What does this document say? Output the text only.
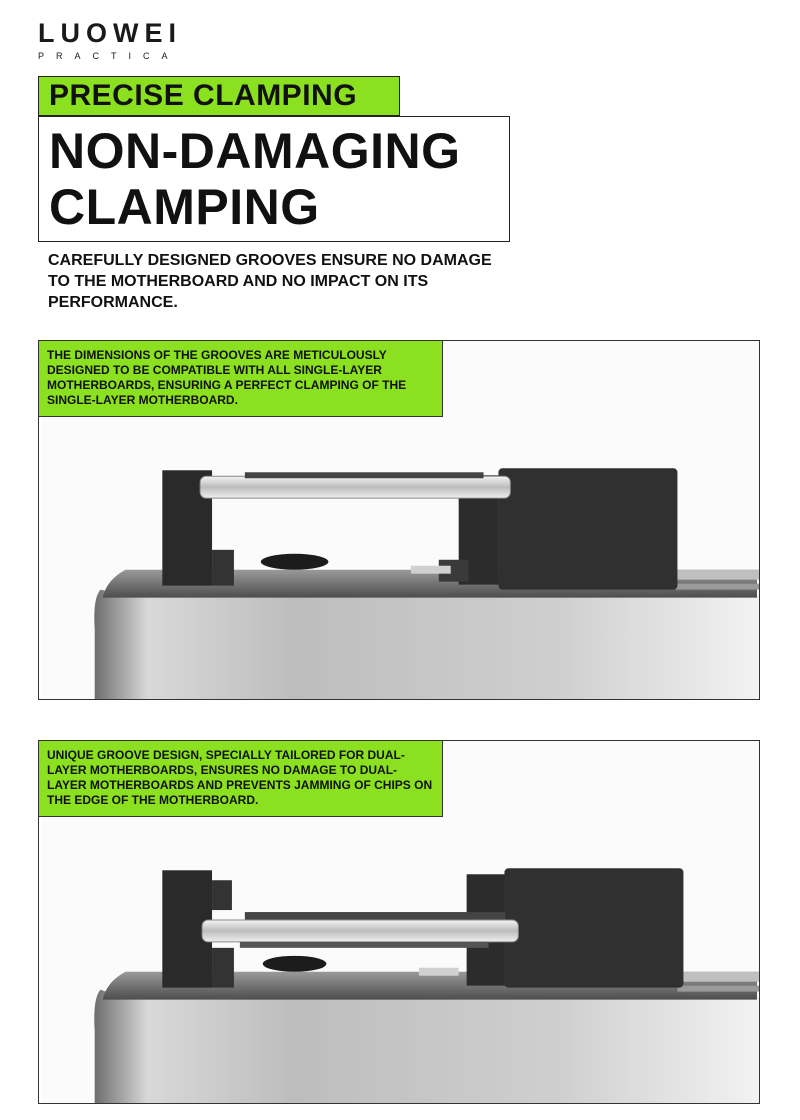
LUOWEI
PRACTICA
PRECISE CLAMPING
NON-DAMAGING
CLAMPING
CAREFULLY DESIGNED GROOVES ENSURE NO DAMAGE TO THE MOTHERBOARD AND NO IMPACT ON ITS PERFORMANCE.
THE DIMENSIONS OF THE GROOVES ARE METICULOUSLY DESIGNED TO BE COMPATIBLE WITH ALL SINGLE-LAYER MOTHERBOARDS, ENSURING A PERFECT CLAMPING OF THE SINGLE-LAYER MOTHERBOARD.
UNIQUE GROOVE DESIGN, SPECIALLY TAILORED FOR DUAL-LAYER MOTHERBOARDS, ENSURES NO DAMAGE TO DUAL-LAYER MOTHERBOARDS AND PREVENTS JAMMING OF CHIPS ON THE EDGE OF THE MOTHERBOARD.
